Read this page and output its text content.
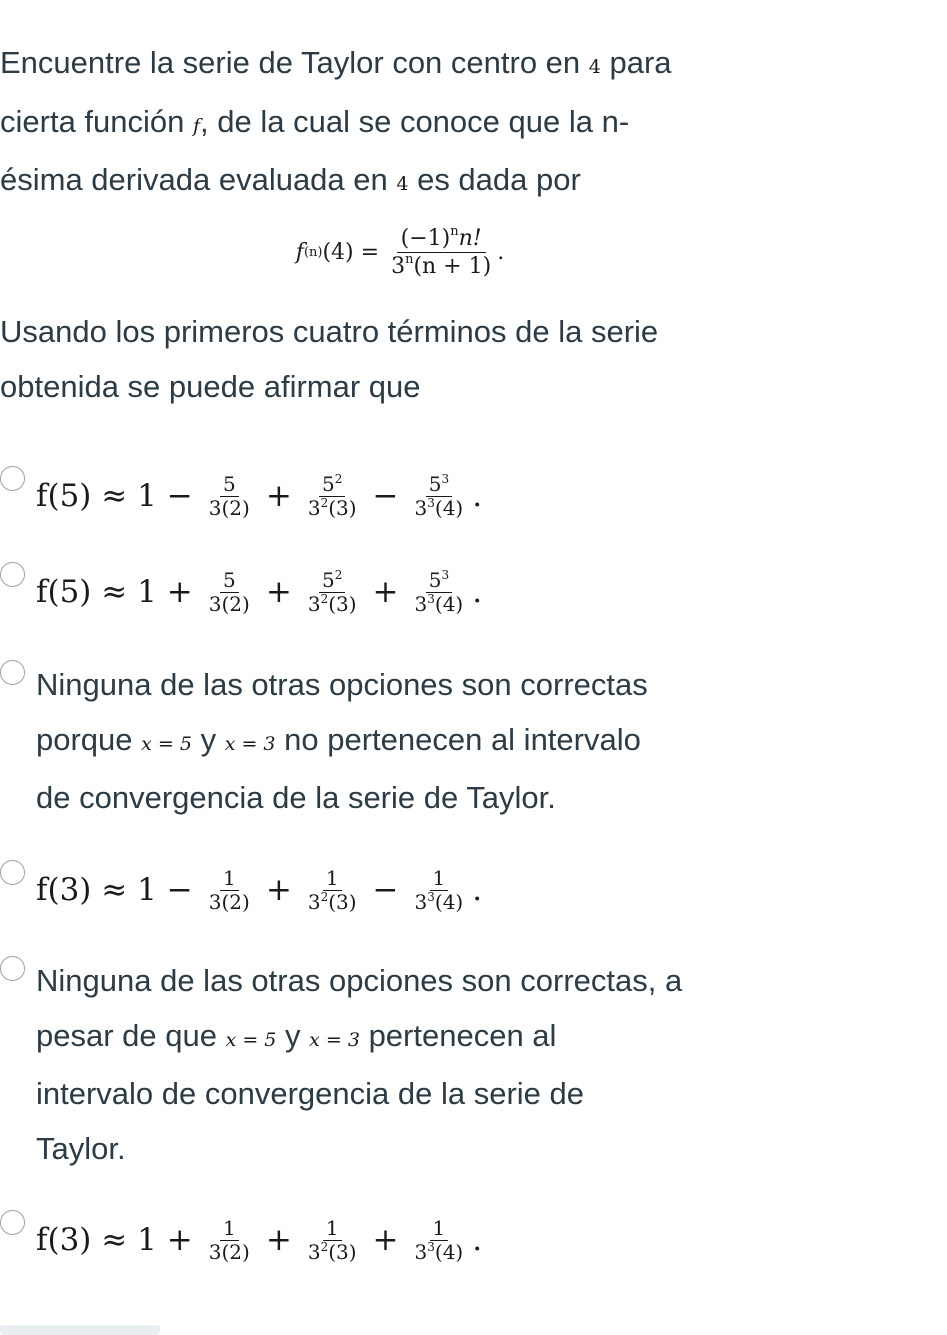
Encuentre la serie de Taylor con centro en 4 para

cierta función f, de la cual se conoce que la n-

ésima derivada evaluada en 4 es dada por

f (n) $(4) = \frac{(-1)^nn!}{3^n(n + 1)}$ .

Usando los primeros cuatro términos de la serie

obtenida se puede afirmar que

$f(5) \approx 1 - \frac{5}{3(2)} + \frac{5^2}{3^2(3)} - \frac{5^3}{3^3(4)}$ .
$f(5) \approx 1 + \frac{5}{3(2)} + \frac{5^2}{3^2(3)} + \frac{5^3}{3^3(4)}$ .
Ninguna de las otras opciones son correctas
porque x = 5 y x = 3 no pertenecen al intervalo
de convergencia de la serie de Taylor.
$f(3) \approx 1 - \frac{1}{3(2)} + \frac{1}{3^2(3)} - \frac{1}{3^3(4)}$ .
Ninguna de las otras opciones son correctas, a
pesar de que x = 5 y x = 3 pertenecen al
intervalo de convergencia de la serie de
Taylor.
$f(3) \approx 1 + \frac{1}{3(2)} + \frac{1}{3^2(3)} + \frac{1}{3^3(4)}$ .
